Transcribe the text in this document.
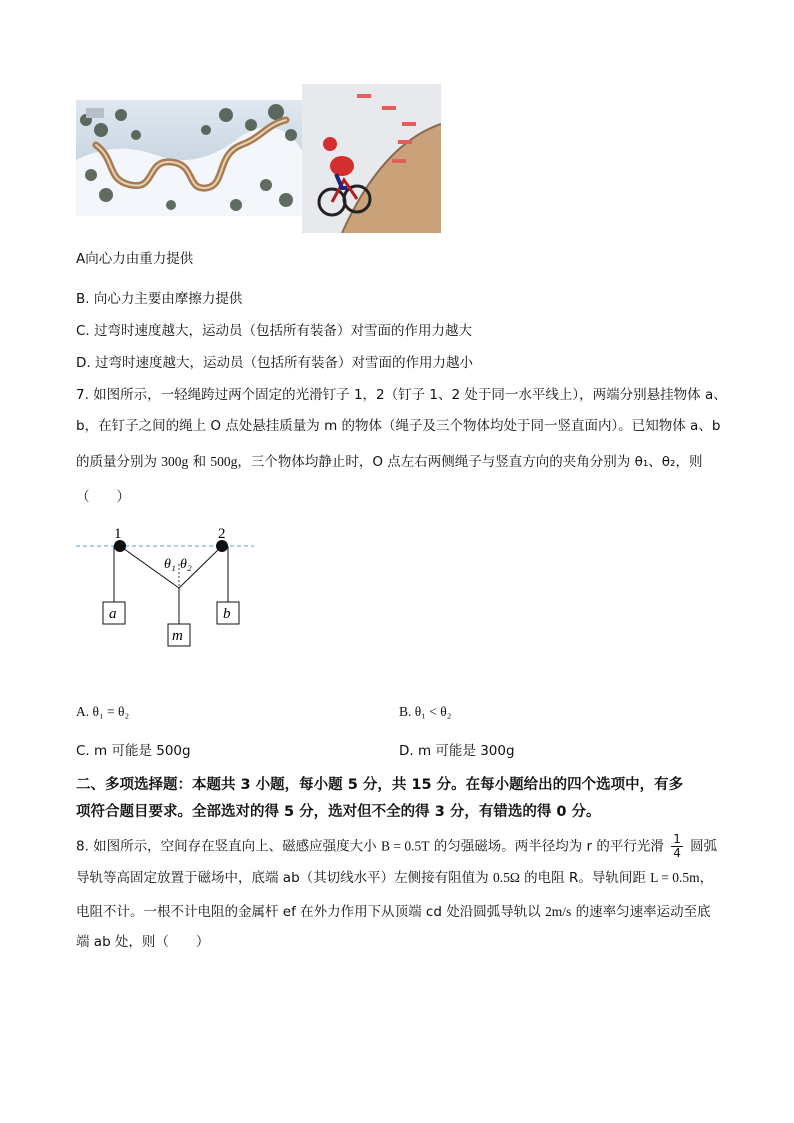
A向心力由重力提供
B. 向心力主要由摩擦力提供
C. 过弯时速度越大，运动员（包括所有装备）对雪面的作用力越大
D. 过弯时速度越大，运动员（包括所有装备）对雪面的作用力越小
7. 如图所示，一轻绳跨过两个固定的光滑钉子 1，2（钉子 1、2 处于同一水平线上），两端分别悬挂物体 a、
b，在钉子之间的绳上 O 点处悬挂质量为 m 的物体（绳子及三个物体均处于同一竖直面内）。已知物体 a、b
的质量分别为 300g 和 500g，三个物体均静止时，O 点左右两侧绳子与竖直方向的夹角分别为 θ₁、θ₂，则
（　　）
1	2
θ₁ θ₂
a	b
m
A. θ₁ = θ₂	B. θ₁ < θ₂
C. m 可能是 500g	D. m 可能是 300g
二、多项选择题：本题共 3 小题，每小题 5 分，共 15 分。在每小题给出的四个选项中，有多
项符合题目要求。全部选对的得 5 分，选对但不全的得 3 分，有错选的得 0 分。
8. 如图所示，空间存在竖直向上、磁感应强度大小 B = 0.5T 的匀强磁场。两半径均为 r 的平行光滑 $\frac{1}{4}$ 圆弧
导轨等高固定放置于磁场中，底端 ab（其切线水平）左侧接有阻值为 0.5Ω 的电阻 R。导轨间距 L = 0.5m，
电阻不计。一根不计电阻的金属杆 ef 在外力作用下从顶端 cd 处沿圆弧导轨以 2m/s 的速率匀速率运动至底
端 ab 处，则（　　）
